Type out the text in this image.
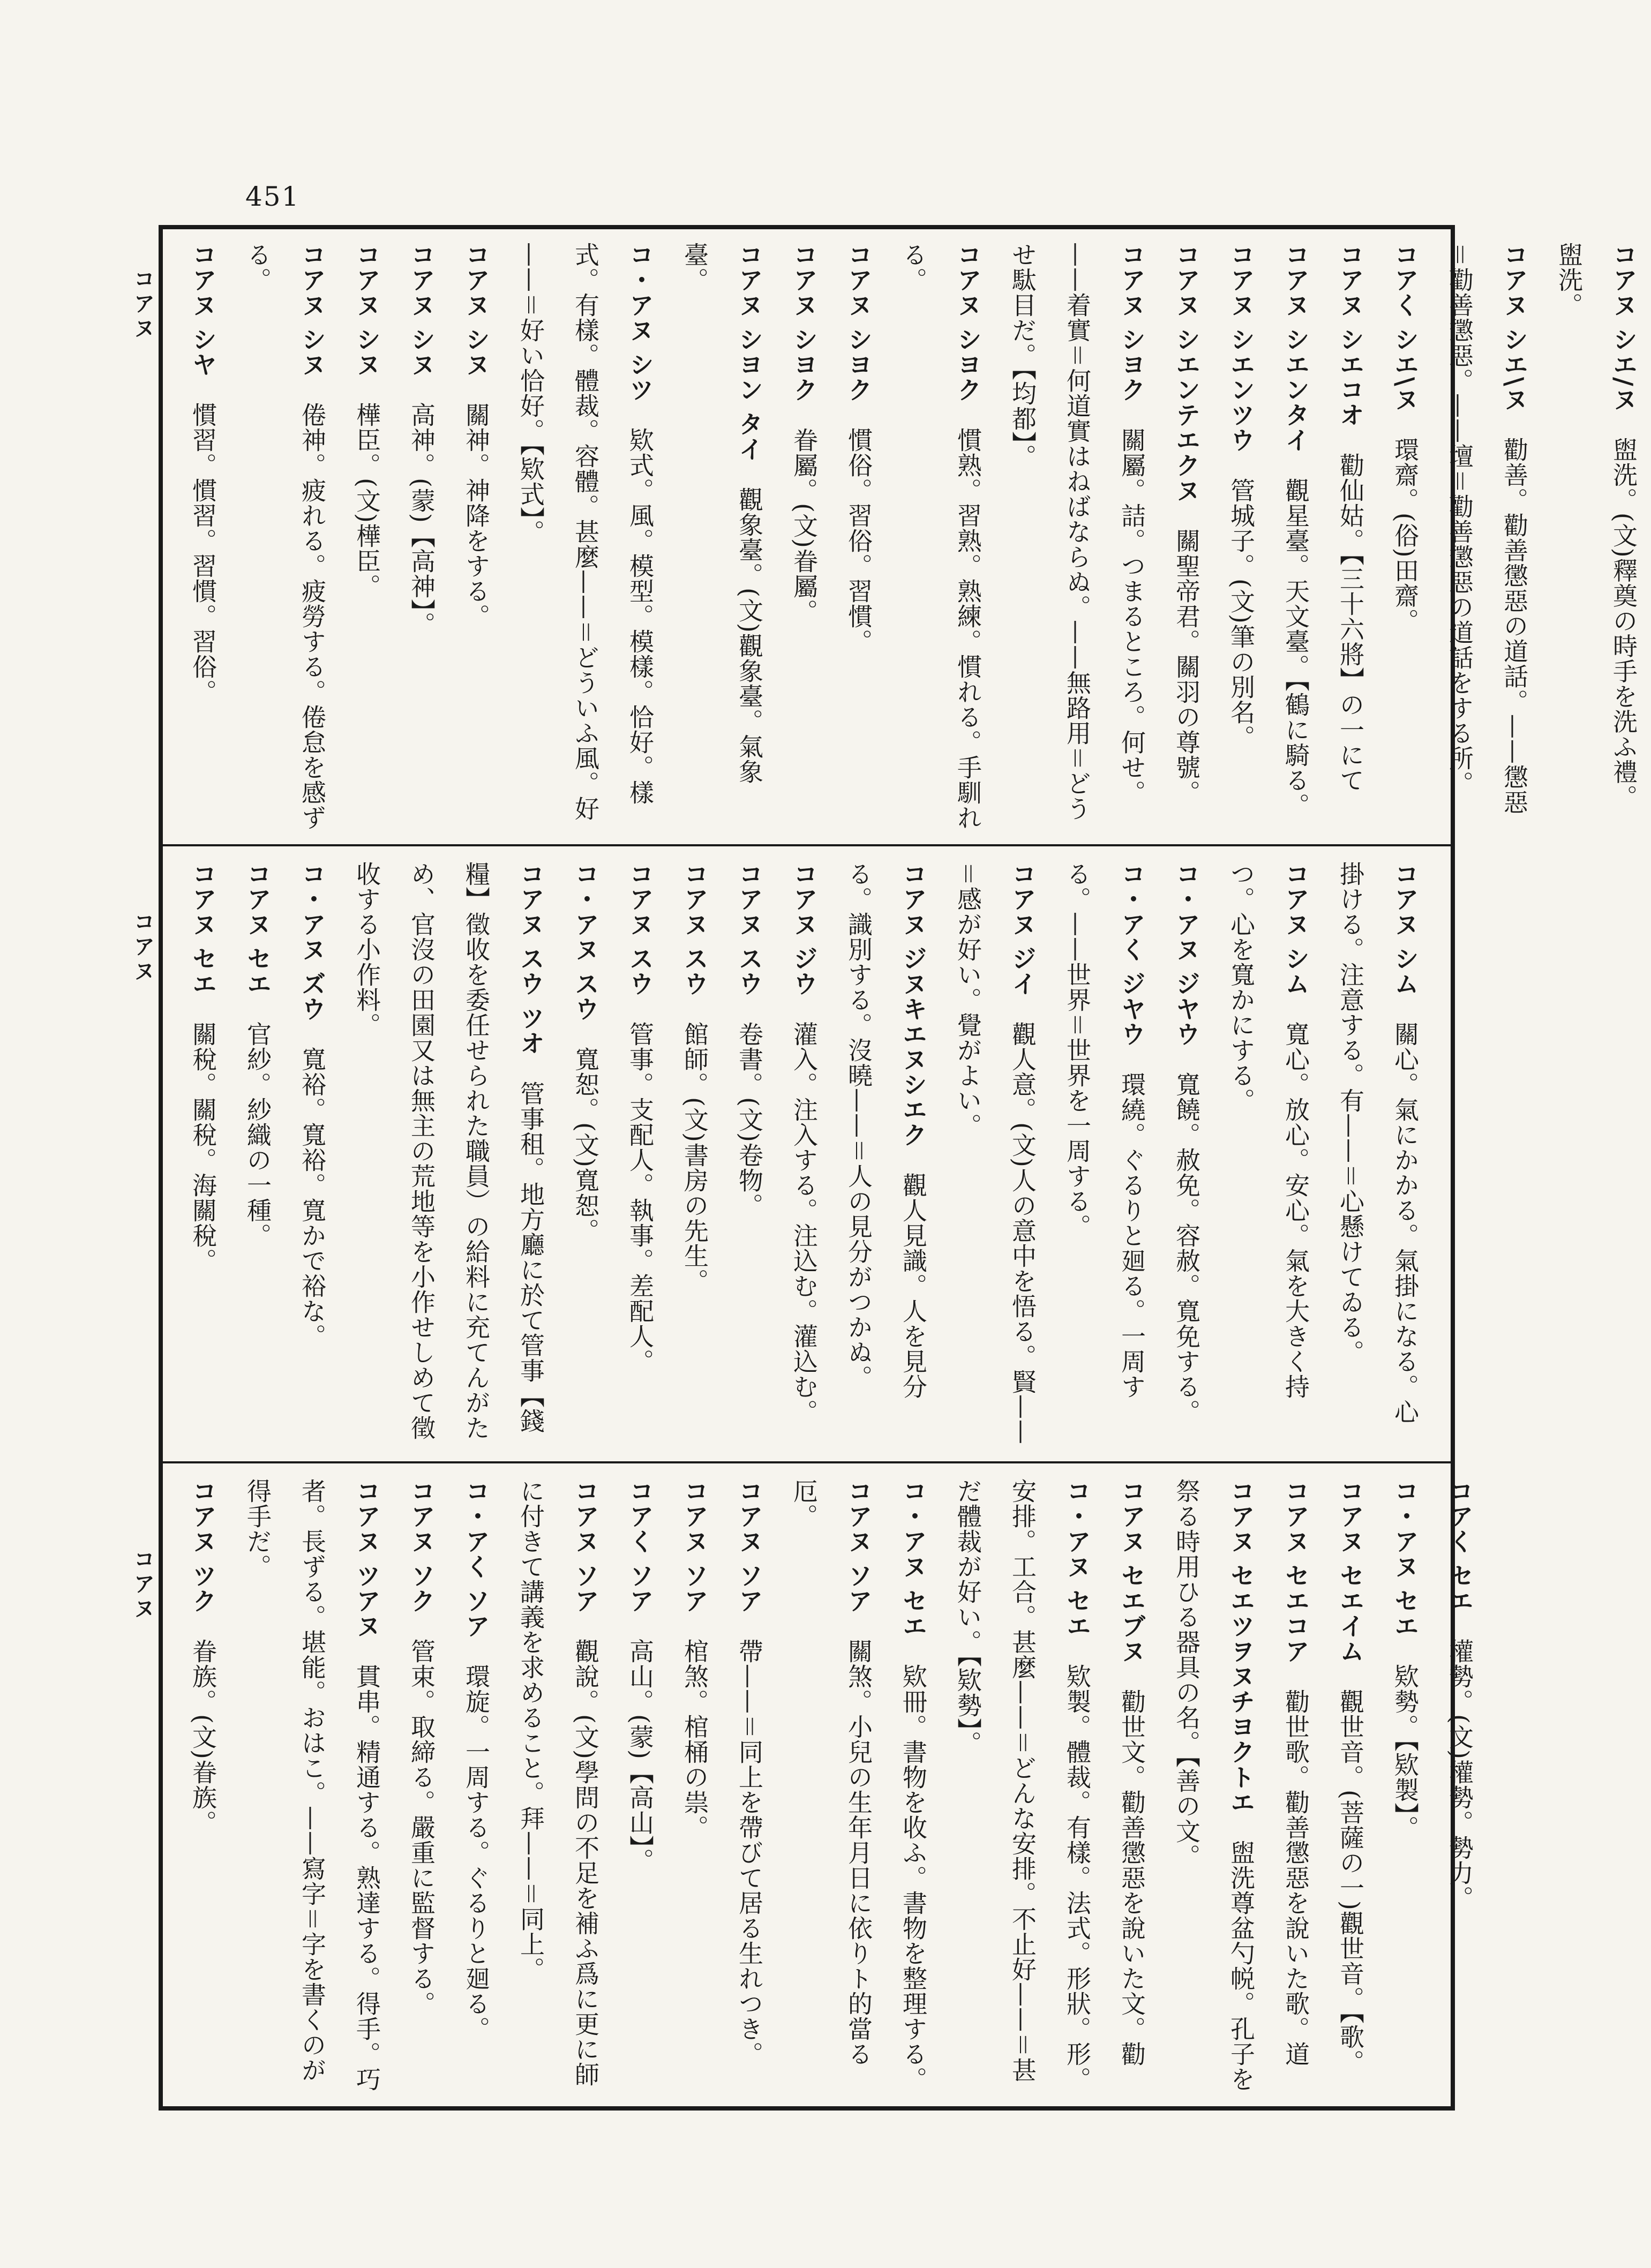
451
コアヌ
コアヌ
コアヌ
コアヌ シエ/ヌ　盥洗。(文)釋奠の時手を洗ふ禮。盥洗。
コアヌ シエ\ヌ　勸善。勸善懲惡の道話。——懲惡＝勸善懲惡。——壇＝勸善懲惡の道話をする所。
コアく シエ\ヌ　環齋。(俗)田齋。
コアヌ シエコオ　勸仙姑。【三十六將】の一にて
コアヌ シエンタイ　觀星臺。天文臺。【鶴に騎る。
コアヌ シエンツウ　管城子。(文)筆の別名。
コアヌ シエンテエクヌ　關聖帝君。關羽の尊號。
コアヌ シヨク　關屬。詰。つまるところ。何せ。——着實＝何道實はねばならぬ。——無路用＝どうせ駄目だ。【均都】。
コアヌ シヨク　慣熟。習熟。熟練。慣れる。手馴れる。
コアヌ シヨク　慣俗。習俗。習慣。
コアヌ シヨク　眷屬。(文)眷屬。
コアヌ シヨン タイ　觀象臺。(文)觀象臺。氣象臺。
コ・アヌ シツ　欵式。風。模型。模樣。恰好。樣式。有樣。體裁。容體。甚麼——＝どういふ風。好——＝好い恰好。【欵式】。
コアヌ シヌ　關神。神降をする。
コアヌ シヌ　高神。(蒙)【高神】。
コアヌ シヌ　樺臣。(文)樺臣。
コアヌ シヌ　倦神。疲れる。疲勞する。倦怠を感ずる。
コアヌ シヤ　慣習。慣習。習慣。習俗。
コアヌ シム　關心。氣にかかる。氣掛になる。心掛ける。注意する。有——＝心懸けてゐる。
コアヌ シム　寬心。放心。安心。氣を大きく持つ。心を寬かにする。
コ・アヌ ジヤウ　寬饒。赦免。容赦。寬免する。
コ・アく ジヤウ　環繞。ぐるりと廻る。一周する。——世界＝世界を一周する。
コアヌ ジイ　觀人意。(文)人の意中を悟る。賢——＝感が好い。覺がよい。
コアヌ ジヌキエヌシエク　觀人見識。人を見分る。識別する。沒曉——＝人の見分がつかぬ。
コアヌ ジウ　灌入。注入する。注込む。灌込む。
コアヌ スウ　卷書。(文)卷物。
コアヌ スウ　館師。(文)書房の先生。
コアヌ スウ　管事。支配人。執事。差配人。
コ・アヌ スウ　寬恕。(文)寬恕。
コアヌ スウ ツオ　管事租。地方廳に於て管事【錢糧】徵收を委任せられた職員）の給料に充てんがため、官沒の田園又は無主の荒地等を小作せしめて徵收する小作料。
コ・アヌ ズウ　寬裕。寬裕。寬かで裕な。
コアヌ セエ　官紗。紗織の一種。
コアヌ セエ　關稅。關稅。海關稅。
コアく セエ　權勢。(文)權勢。勢力。
コ・アヌ セエ　欵勢。【欵製】。
コアヌ セエイム　觀世音。(菩薩の一)觀世音。【歌。
コアヌ セエコア　勸世歌。勸善懲惡を說いた歌。道
コアヌ セエツヲヌチヨクトエ　盥洗尊盆勺帨。孔子を祭る時用ひる器具の名。【善の文。
コアヌ セエブヌ　勸世文。勸善懲惡を說いた文。勸
コ・アヌ セエ　欵製。體裁。有樣。法式。形狀。形。安排。工合。甚麼——＝どんな安排。不止好——＝甚だ體裁が好い。【欵勢】。
コ・アヌ セエ　欵冊。書物を收ふ。書物を整理する。
コアヌ ソア　關煞。小兒の生年月日に依りト的當る厄。
コアヌ ソア　帶——＝同上を帶びて居る生れつき。
コアヌ ソア　棺煞。棺桶の祟。
コアく ソア　高山。(蒙)【高山】。
コアヌ ソア　觀說。(文)學問の不足を補ふ爲に更に師に付きて講義を求めること。拜——＝同上。
コ・アく ソア　環旋。一周する。ぐるりと廻る。
コアヌ ソク　管束。取締る。嚴重に監督する。
コアヌ ツアヌ　貫串。精通する。熟達する。得手。巧者。長ずる。堪能。おはこ。——寫字＝字を書くのが得手だ。
コアヌ ツク　眷族。(文)眷族。
